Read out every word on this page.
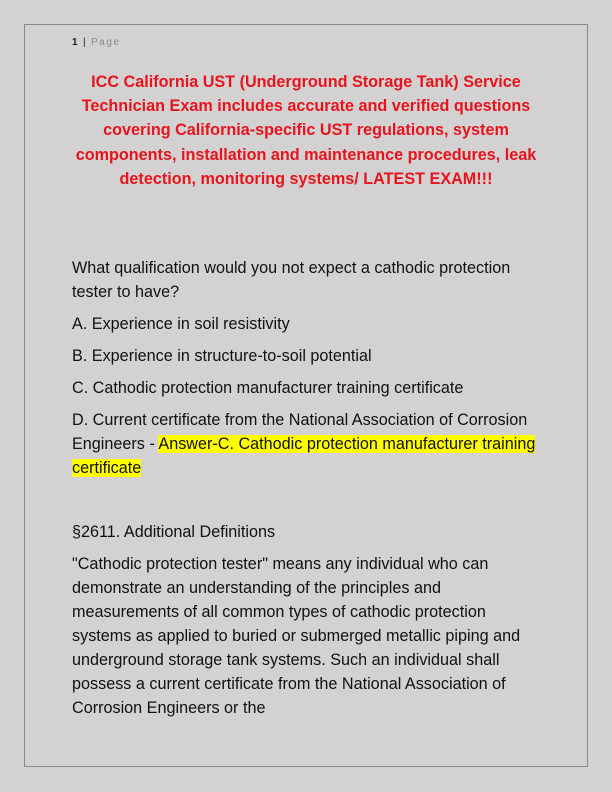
1 | Page
ICC California UST (Underground Storage Tank) Service Technician Exam includes accurate and verified questions covering California-specific UST regulations, system components, installation and maintenance procedures, leak detection, monitoring systems/ LATEST EXAM!!!

What qualification would you not expect a cathodic protection tester to have?

A. Experience in soil resistivity

B. Experience in structure-to-soil potential

C. Cathodic protection manufacturer training certificate

D. Current certificate from the National Association of Corrosion Engineers - Answer-C. Cathodic protection manufacturer training certificate

§2611. Additional Definitions

"Cathodic protection tester" means any individual who can demonstrate an understanding of the principles and measurements of all common types of cathodic protection systems as applied to buried or submerged metallic piping and underground storage tank systems. Such an individual shall possess a current certificate from the National Association of Corrosion Engineers or the
